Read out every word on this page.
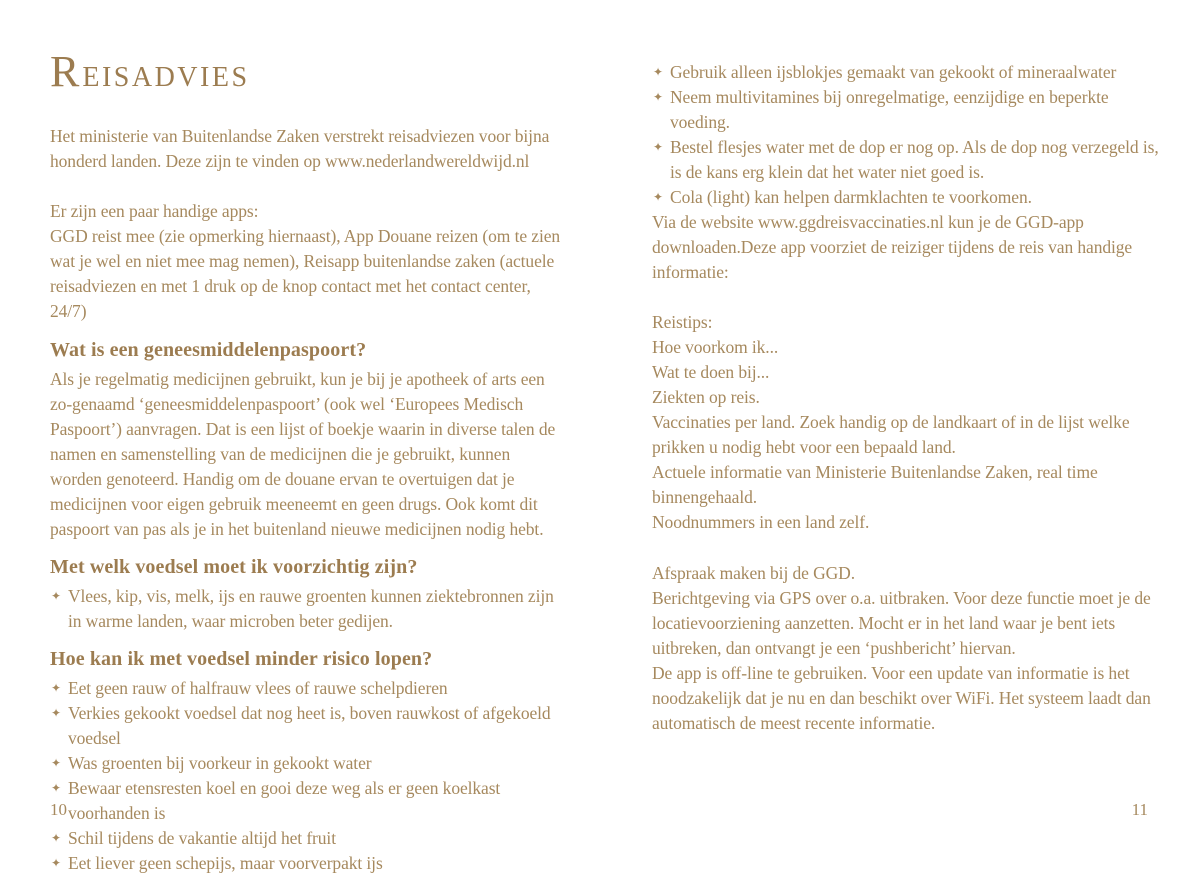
REISADVIES

Het ministerie van Buitenlandse Zaken verstrekt reisadviezen voor bijna honderd landen. Deze zijn te vinden op www.nederlandwereldwijd.nl

Er zijn een paar handige apps:
GGD reist mee (zie opmerking hiernaast), App Douane reizen (om te zien wat je wel en niet mee mag nemen), Reisapp buitenlandse zaken (actuele reisadviezen en met 1 druk op de knop contact met het contact center, 24/7)
Wat is een geneesmiddelenpaspoort?
Als je regelmatig medicijnen gebruikt, kun je bij je apotheek of arts een zo-genaamd ‘geneesmiddelenpaspoort’ (ook wel ‘Europees Medisch Paspoort’) aanvragen. Dat is een lijst of boekje waarin in diverse talen de namen en samenstelling van de medicijnen die je gebruikt, kunnen worden genoteerd. Handig om de douane ervan te overtuigen dat je medicijnen voor eigen gebruik meeneemt en geen drugs. Ook komt dit paspoort van pas als je in het buitenland nieuwe medicijnen nodig hebt.
Met welk voedsel moet ik voorzichtig zijn?
✦ Vlees, kip, vis, melk, ijs en rauwe groenten kunnen ziektebronnen zijn in warme landen, waar microben beter gedijen.
Hoe kan ik met voedsel minder risico lopen?
✦ Eet geen rauw of halfrauw vlees of rauwe schelpdieren
✦ Verkies gekookt voedsel dat nog heet is, boven rauwkost of afgekoeld voedsel
✦ Was groenten bij voorkeur in gekookt water
✦ Bewaar etensresten koel en gooi deze weg als er geen koelkast voorhanden is
✦ Schil tijdens de vakantie altijd het fruit
✦ Eet liever geen schepijs, maar voorverpakt ijs
✦ Gebruik alleen ijsblokjes gemaakt van gekookt of mineraalwater
✦ Neem multivitamines bij onregelmatige, eenzijdige en beperkte voeding.
✦ Bestel flesjes water met de dop er nog op. Als de dop nog verzegeld is, is de kans erg klein dat het water niet goed is.
✦ Cola (light) kan helpen darmklachten te voorkomen.

Via de website www.ggdreisvaccinaties.nl kun je de GGD-app downloaden.Deze app voorziet de reiziger tijdens de reis van handige informatie:

Reistips:
Hoe voorkom ik...
Wat te doen bij...
Ziekten op reis.
Vaccinaties per land. Zoek handig op de landkaart of in de lijst welke prikken u nodig hebt voor een bepaald land.
Actuele informatie van Ministerie Buitenlandse Zaken, real time binnengehaald.
Noodnummers in een land zelf.
Afspraak maken bij de GGD.
Berichtgeving via GPS over o.a. uitbraken. Voor deze functie moet je de locatievoorziening aanzetten. Mocht er in het land waar je bent iets uitbreken, dan ontvangt je een ‘pushbericht’ hiervan.
De app is off-line te gebruiken. Voor een update van informatie is het noodzakelijk dat je nu en dan beschikt over WiFi. Het systeem laadt dan automatisch de meest recente informatie.
10	11
